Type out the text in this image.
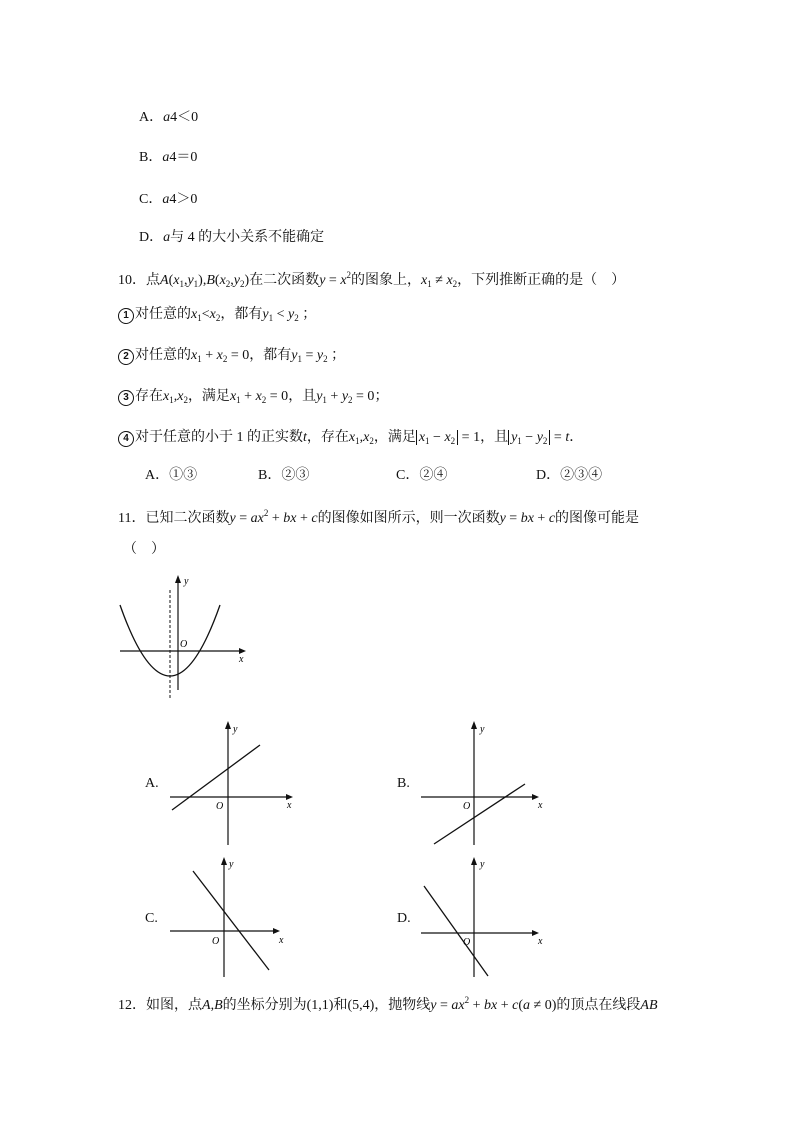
A．a4＜0
B．a4＝0
C．a4＞0
D．a与 4 的大小关系不能确定
10．点$A(x_1,y_1),B(x_2,y_2)$在二次函数$y = x^2$的图象上，$x_1 \ne x_2$，下列推断正确的是（　）
1 对任意的$x_1<x_2$，都有$y_1 < y_2$ ；
2 对任意的$x_1 + x_2 = 0$，都有$y_1 = y_2$ ；
3 存在$x_1,x_2$，满足$x_1 + x_2 = 0$，且$y_1 + y_2 = 0$；
4 对于任意的小于 1 的正实数t，存在$x_1,x_2$，满足 $x_1 - x_2 = 1$，且 $y_1 - y_2 = t$．
A．①③	B．②③	C．②④	D．②③④
11．已知二次函数$y = ax^2$ + bx + c的图像如图所示，则一次函数y = bx + c的图像可能是
（　）
y
O
x
A.
y
O	x
B.
y
O	x
C.
y
O	x
D.
y
O	x
12．如图，点A,B的坐标分别为(1,1)和(5,4)，抛物线$y = ax^2$ + bx + c(a ≠ 0)的顶点在线段AB
